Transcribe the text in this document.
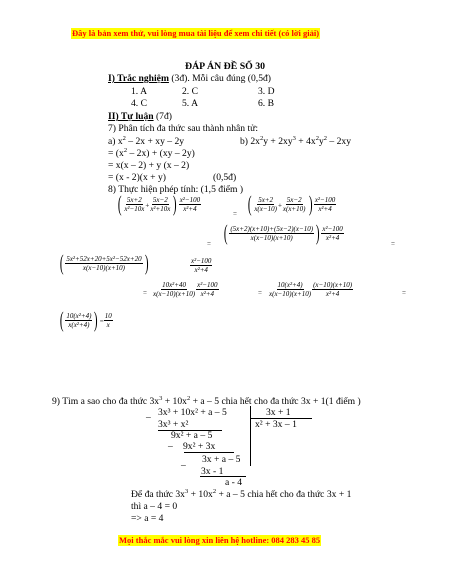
Đây là bản xem thử, vui lòng mua tài liệu để xem chi tiết (có lời giải)
ĐÁP ÁN ĐỀ SỐ 30
I) Trắc nghiệm (3đ). Mỗi câu đúng (0,5đ)
1. A	2. C	3. D
4. C	5. A	6. B
II) Tự luận (7đ)
7) Phân tích đa thức sau thành nhân tử:
a) $x^2 - 2x$ + xy – 2y	b) $2x^2y + 2xy^3 + 4x^2y^2 - 2xy$
= $(x^2 - 2x) + (xy - 2y)$
= x(x – 2) + y (x – 2)
= (x - 2)(x + y)	(0,5đ)
8) Thực hiện phép tính: (1,5 điểm )
( $\frac{5x+2}{\text{x²−10x}} + \frac{5x-2}{\text{x²+10x}}$ ) $\frac{\text{x²−100}}{\text{x²+4}}$
= ( $\frac{5x+2}{x(x-10)} + \frac{5x-2}{x(x+10)}$ ) $\frac{\text{x²−100}}{\text{x²+4}}$
= ( $\frac{(5x+2)(x+10)+(5x-2)(x-10)}{x(x-10)(x+10)}$ ) $\frac{\text{x²−100}}{\text{x²+4}}$
=
( $\frac{\text{5x²+52x+20+5x²−52x+20}}{x(x-10)(x+10)}$ )	$\frac{\text{x²−100}}{\text{x²+4}}$
= $\frac{\text{10x²+40}}{x(x-10)(x+10)} \frac{\text{x²−100}}{\text{x²+4}}$	= $\frac{\text{10(x²+4)}}{x(x-10)(x+10)} \frac{(x-10)(x+10)}{\text{x²+4}}$	=
( $\frac{\text{10(x²+4)}}{\text{x(x²+4)}}$ ) = $\frac{10}{x}$
9) Tìm a sao cho đa thức $3x^3 + 10x^2 + a - 5$ chia hết cho đa thức 3x + 1(1 điểm )
– 3x³ + 10x² + a – 5	3x + 1
x² + 3x – 1
3x³ + x²
9x² + a – 5
– 9x² + 3x
3x + a – 5
–
3x - 1
a - 4
Để đa thức $3x^3 + 10x^2 + a - 5$ chia hết cho đa thức 3x + 1
thì a – 4 = 0
=> a = 4
Mọi thắc mắc vui lòng xin liên hệ hotline: 084 283 45 85
